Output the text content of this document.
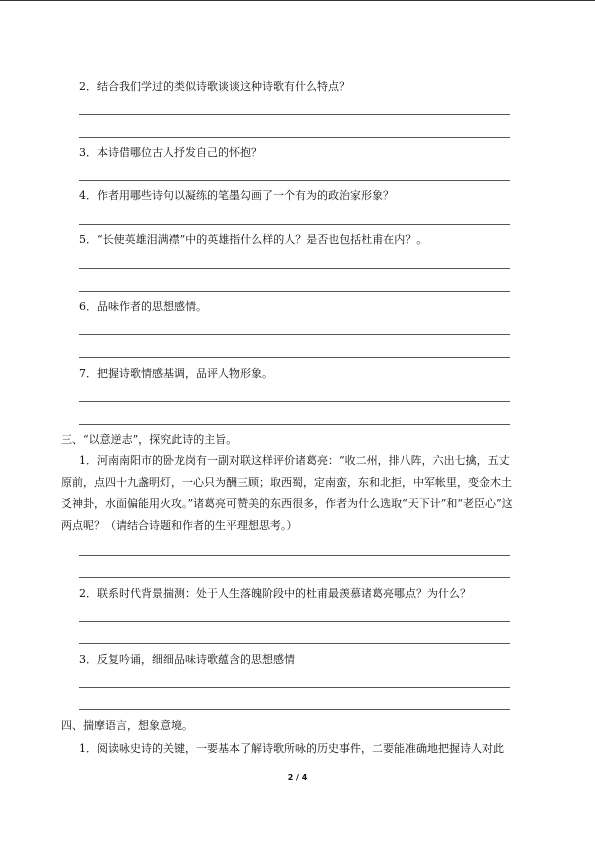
2．结合我们学过的类似诗歌谈谈这种诗歌有什么特点？
3．本诗借哪位古人抒发自己的怀抱？
4．作者用哪些诗句以凝练的笔墨勾画了一个有为的政治家形象？
5．“长使英雄泪满襟”中的英雄指什么样的人？是否也包括杜甫在内？。
6．品味作者的思想感情。
7．把握诗歌情感基调，品评人物形象。
三、“以意逆志”，探究此诗的主旨。
1．河南南阳市的卧龙岗有一副对联这样评价诸葛亮：“收二州，排八阵，六出七擒，五丈原前，点四十九盏明灯，一心只为酬三顾；取西蜀，定南蛮，东和北拒，中军帐里，变金木土爻神卦，水面偏能用火攻。”诸葛亮可赞美的东西很多，作者为什么选取“天下计”和“老臣心”这两点呢？（请结合诗题和作者的生平理想思考。）
2．联系时代背景揣测：处于人生落魄阶段中的杜甫最羡慕诸葛亮哪点？为什么？
3．反复吟诵，细细品味诗歌蕴含的思想感情
四、揣摩语言，想象意境。
1．阅读咏史诗的关键，一要基本了解诗歌所咏的历史事件，二要能准确地把握诗人对此
2 / 4
